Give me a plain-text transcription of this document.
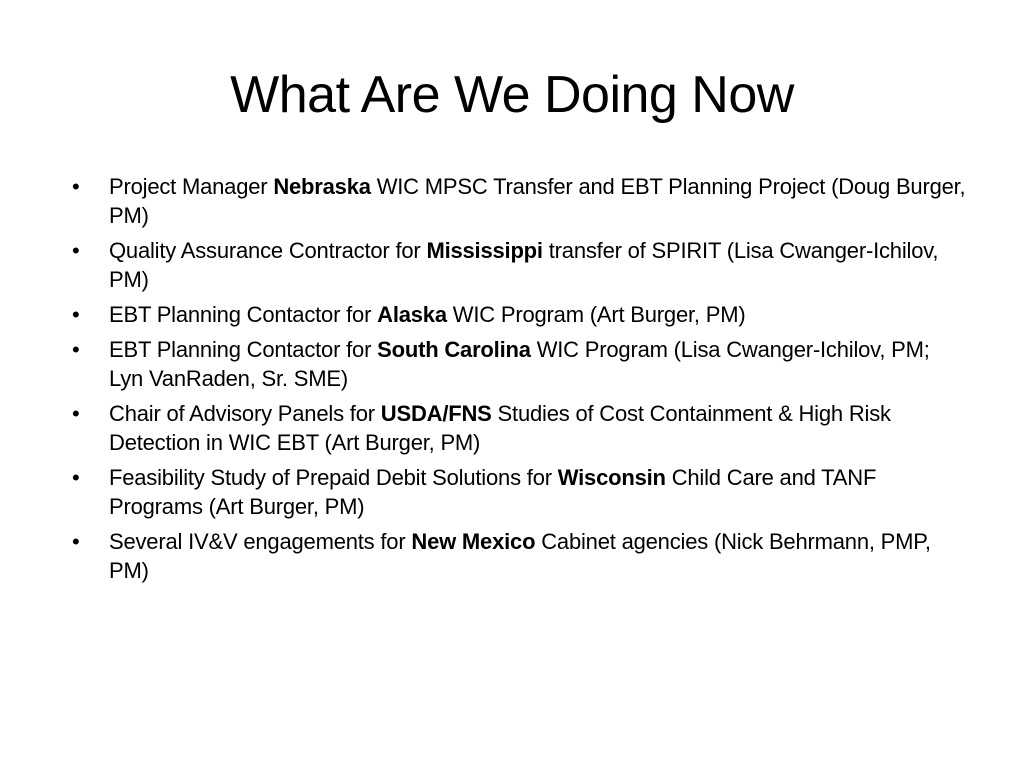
What Are We Doing Now
•	Project Manager Nebraska WIC MPSC Transfer and EBT Planning Project (Doug Burger, PM)
•	Quality Assurance Contractor for Mississippi transfer of SPIRIT (Lisa Cwanger-Ichilov, PM)
•	EBT Planning Contactor for Alaska WIC Program (Art Burger, PM)
•	EBT Planning Contactor for South Carolina WIC Program (Lisa Cwanger-Ichilov, PM; Lyn VanRaden, Sr. SME)
•	Chair of Advisory Panels for USDA/FNS Studies of Cost Containment & High Risk Detection in WIC EBT (Art Burger, PM)
•	Feasibility Study of Prepaid Debit Solutions for Wisconsin Child Care and TANF Programs (Art Burger, PM)
•	Several IV&V engagements for New Mexico Cabinet agencies (Nick Behrmann, PMP, PM)
